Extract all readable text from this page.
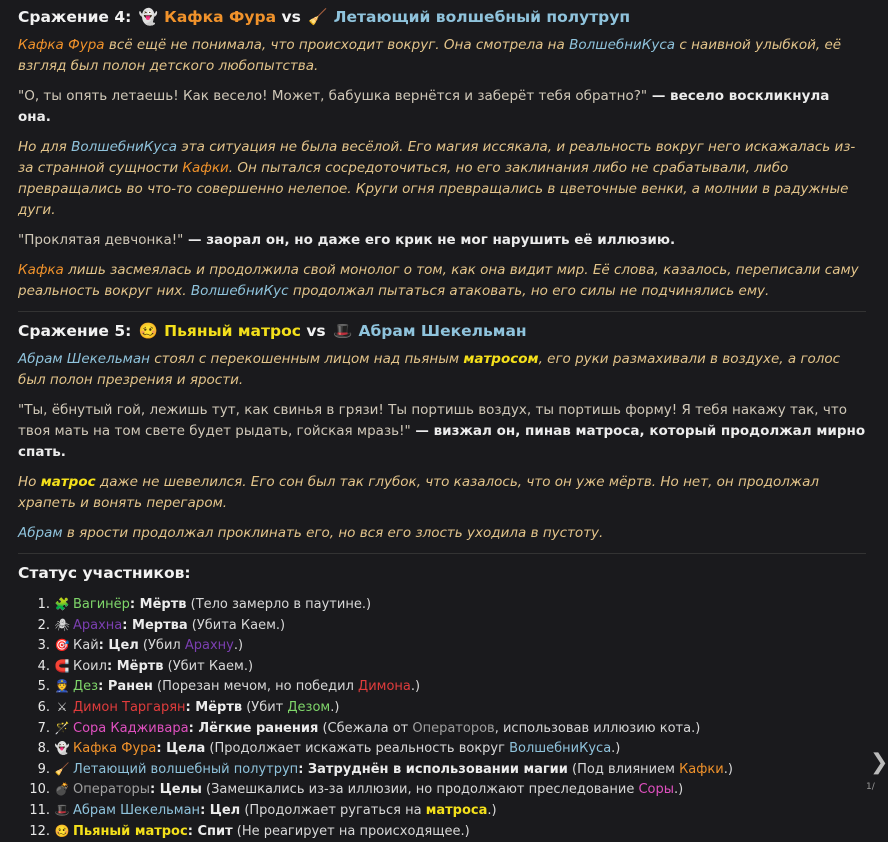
Сражение 4: 👻 Кафка Фура vs 🧹 Летающий волшебный полутруп

Кафка Фура всё ещё не понимала, что происходит вокруг. Она смотрела на ВолшебниКуса с наивной улыбкой, её взгляд был полон детского любопытства.

"О, ты опять летаешь! Как весело! Может, бабушка вернётся и заберёт тебя обратно?" — весело воскликнула она.

Но для ВолшебниКуса эта ситуация не была весёлой. Его магия иссякала, и реальность вокруг него искажалась из-за странной сущности Кафки. Он пытался сосредоточиться, но его заклинания либо не срабатывали, либо превращались во что-то совершенно нелепое. Круги огня превращались в цветочные венки, а молнии в радужные дуги.

"Проклятая девчонка!" — заорал он, но даже его крик не мог нарушить её иллюзию.

Кафка лишь засмеялась и продолжила свой монолог о том, как она видит мир. Её слова, казалось, переписали саму реальность вокруг них. ВолшебниКус продолжал пытаться атаковать, но его силы не подчинялись ему.

Сражение 5: 🥴 Пьяный матрос vs 🎩 Абрам Шекельман

Абрам Шекельман стоял с перекошенным лицом над пьяным матросом, его руки размахивали в воздухе, а голос был полон презрения и ярости.

"Ты, ёбнутый гой, лежишь тут, как свинья в грязи! Ты портишь воздух, ты портишь форму! Я тебя накажу так, что твоя мать на том свете будет рыдать, гойская мразь!" — визжал он, пинав матроса, который продолжал мирно спать.

Но матрос даже не шевелился. Его сон был так глубок, что казалось, что он уже мёртв. Но нет, он продолжал храпеть и вонять перегаром.

Абрам в ярости продолжал проклинать его, но вся его злость уходила в пустоту.

Статус участников:
1. 🧩 Вагинёр: Мёртв (Тело замерло в паутине.)
2. 🕷 Арахна: Мертва (Убита Каем.)
3. 🎯 Кай: Цел (Убил Арахну.)
4. 🧲 Коил: Мёртв (Убит Каем.)
5. 👮 Дез: Ранен (Порезан мечом, но победил Димона.)
6. ⚔ Димон Таргарян: Мёртв (Убит Дезом.)
7. 🪄 Сора Кадживара: Лёгкие ранения (Сбежала от Операторов, использовав иллюзию кота.)
8. 👻 Кафка Фура: Цела (Продолжает искажать реальность вокруг ВолшебниКуса.)
9. 🧹 Летающий волшебный полутруп: Затруднён в использовании магии (Под влиянием Кафки.)
10. 💣 Операторы: Целы (Замешкались из-за иллюзии, но продолжают преследование Соры.)
11. 🎩 Абрам Шекельман: Цел (Продолжает ругаться на матроса.)
12. 🥴 Пьяный матрос: Спит (Не реагирует на происходящее.)
❯
1/
